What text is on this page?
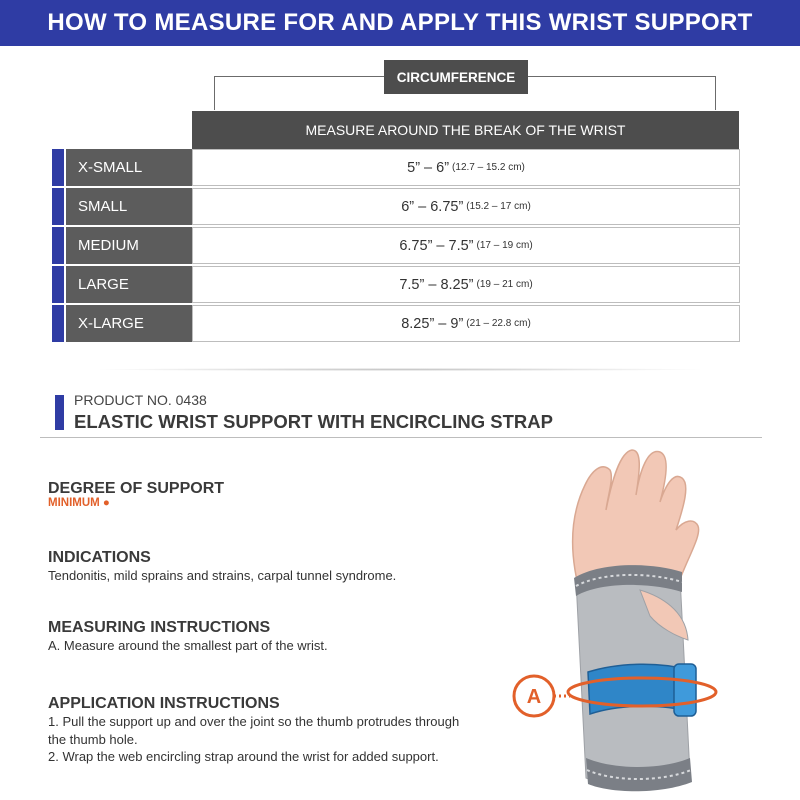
HOW TO MEASURE FOR AND APPLY THIS WRIST SUPPORT
CIRCUMFERENCE
MEASURE AROUND THE BREAK OF THE WRIST
X-SMALL	5” – 6” (12.7 – 15.2 cm)
SMALL	6” – 6.75” (15.2 – 17 cm)
MEDIUM	6.75” – 7.5” (17 – 19 cm)
LARGE	7.5” – 8.25” (19 – 21 cm)
X-LARGE	8.25” – 9” (21 – 22.8 cm)
PRODUCT NO. 0438
ELASTIC WRIST SUPPORT WITH ENCIRCLING STRAP
DEGREE OF SUPPORT
MINIMUM ●
INDICATIONS
Tendonitis, mild sprains and strains, carpal tunnel syndrome.
MEASURING INSTRUCTIONS
A. Measure around the smallest part of the wrist.
APPLICATION INSTRUCTIONS
1. Pull the support up and over the joint so the thumb protrudes through the thumb hole.
2. Wrap the web encircling strap around the wrist for added support.
A
